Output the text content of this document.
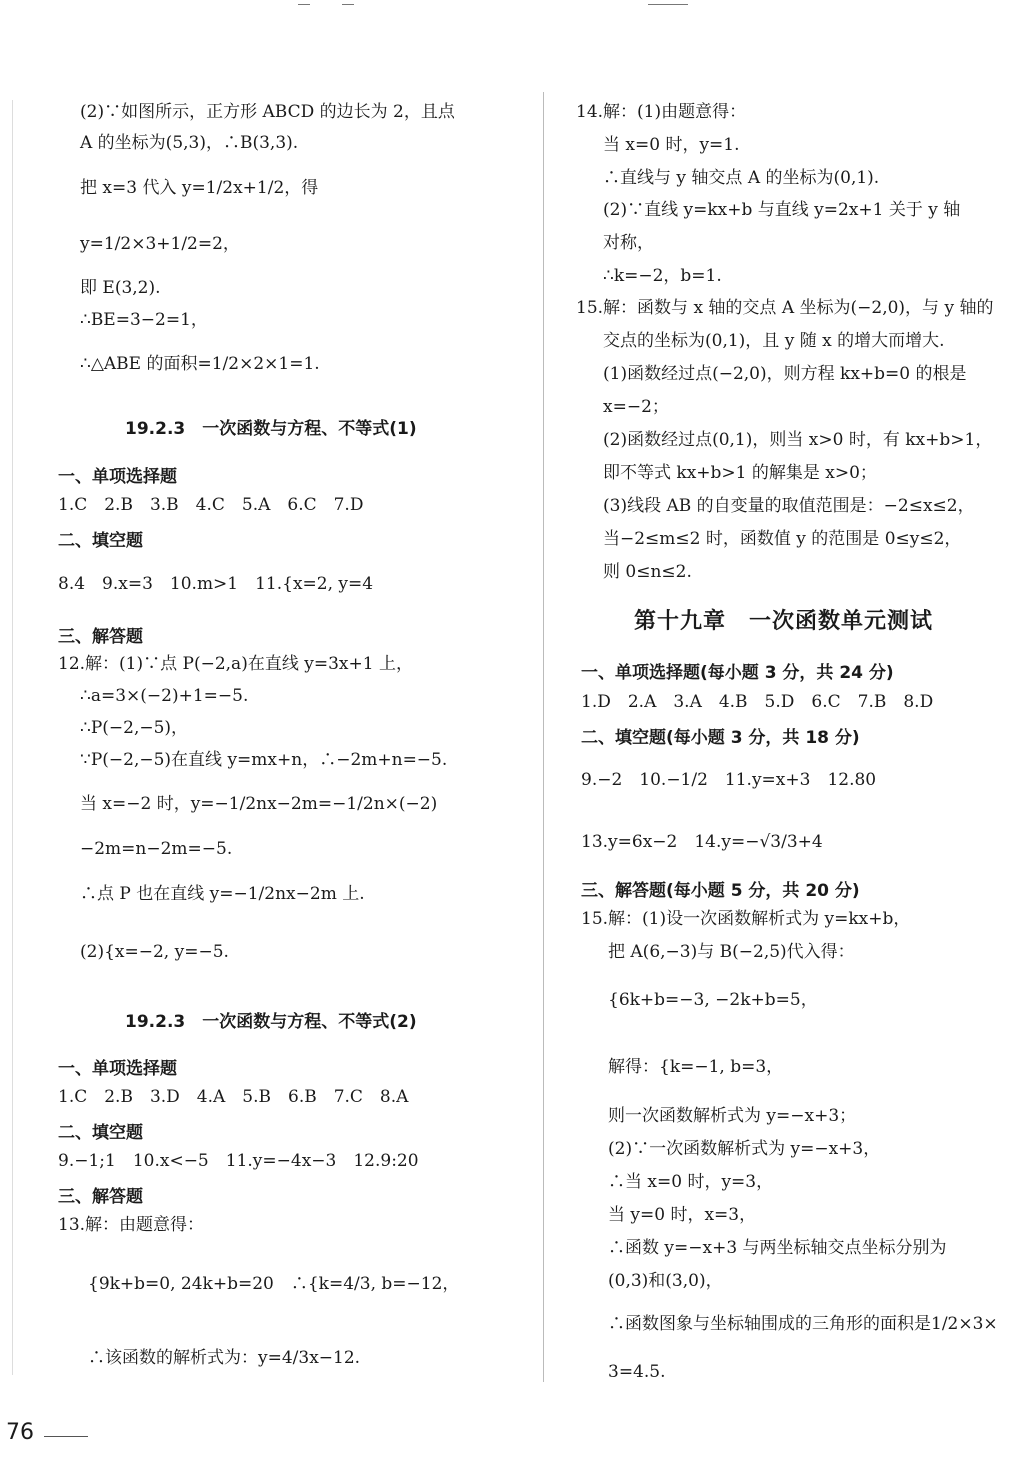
(2)∵如图所示，正方形 ABCD 的边长为 2，且点
A 的坐标为(5,3)，∴B(3,3).
把 x=3 代入 y=1/2x+1/2，得
y=1/2×3+1/2=2，
即 E(3,2).
∴BE=3−2=1，
∴△ABE 的面积=1/2×2×1=1.
19.2.3　一次函数与方程、不等式(1)
一、单项选择题
1.C　2.B　3.B　4.C　5.A　6.C　7.D
二、填空题
8.4　9.x=3　10.m>1　11.{x=2, y=4
三、解答题
12.解：(1)∵点 P(−2,a)在直线 y=3x+1 上，
∴a=3×(−2)+1=−5.
∴P(−2,−5)，
∵P(−2,−5)在直线 y=mx+n，∴−2m+n=−5.
当 x=−2 时，y=−1/2nx−2m=−1/2n×(−2)
−2m=n−2m=−5.
∴点 P 也在直线 y=−1/2nx−2m 上.
(2){x=−2, y=−5.
19.2.3　一次函数与方程、不等式(2)
一、单项选择题
1.C　2.B　3.D　4.A　5.B　6.B　7.C　8.A
二、填空题
9.−1;1　10.x<−5　11.y=−4x−3　12.9:20
三、解答题
13.解：由题意得：
{9k+b=0, 24k+b=20　∴{k=4/3, b=−12，
∴该函数的解析式为：y=4/3x−12.
14.解：(1)由题意得：
当 x=0 时，y=1.
∴直线与 y 轴交点 A 的坐标为(0,1).
(2)∵直线 y=kx+b 与直线 y=2x+1 关于 y 轴
对称，
∴k=−2，b=1.
15.解：函数与 x 轴的交点 A 坐标为(−2,0)，与 y 轴的
交点的坐标为(0,1)，且 y 随 x 的增大而增大.
(1)函数经过点(−2,0)，则方程 kx+b=0 的根是
x=−2；
(2)函数经过点(0,1)，则当 x>0 时，有 kx+b>1，
即不等式 kx+b>1 的解集是 x>0；
(3)线段 AB 的自变量的取值范围是：−2≤x≤2，
当−2≤m≤2 时，函数值 y 的范围是 0≤y≤2，
则 0≤n≤2.
第十九章　一次函数单元测试
一、单项选择题(每小题 3 分，共 24 分)
1.D　2.A　3.A　4.B　5.D　6.C　7.B　8.D
二、填空题(每小题 3 分，共 18 分)
9.−2　10.−1/2　11.y=x+3　12.80
13.y=6x−2　14.y=−√3/3+4
三、解答题(每小题 5 分，共 20 分)
15.解：(1)设一次函数解析式为 y=kx+b，
把 A(6,−3)与 B(−2,5)代入得：
{6k+b=−3, −2k+b=5，
解得：{k=−1, b=3，
则一次函数解析式为 y=−x+3；
(2)∵一次函数解析式为 y=−x+3，
∴当 x=0 时，y=3，
当 y=0 时，x=3，
∴函数 y=−x+3 与两坐标轴交点坐标分别为
(0,3)和(3,0)，
∴函数图象与坐标轴围成的三角形的面积是1/2×3×
3=4.5.
76
